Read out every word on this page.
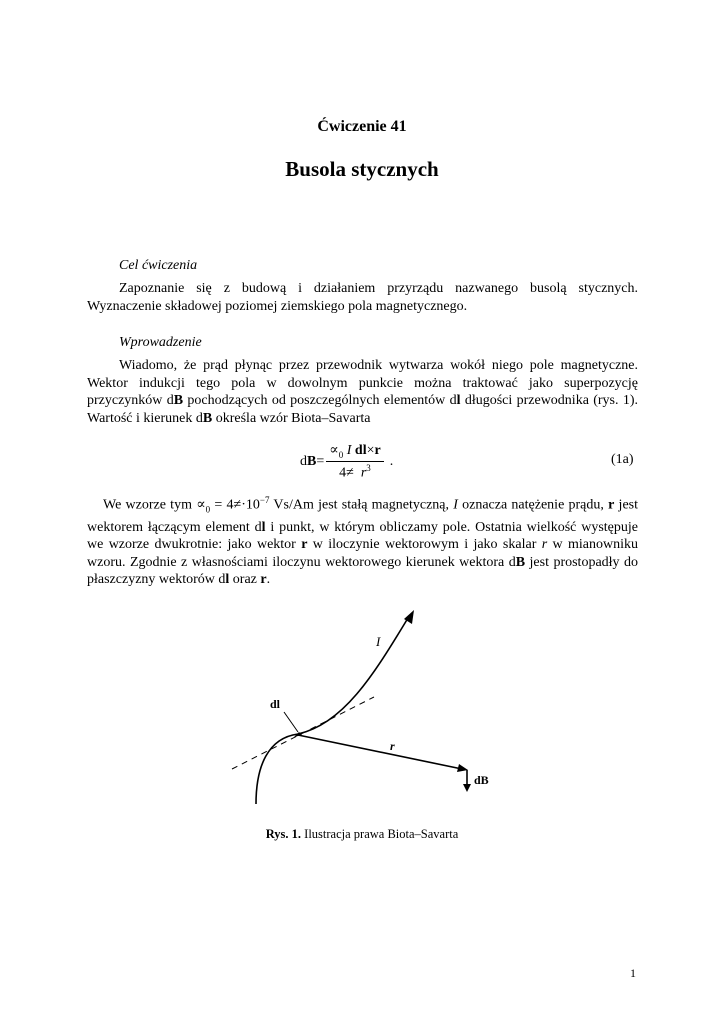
Ćwiczenie 41
Busola stycznych
Cel ćwiczenia
Zapoznanie się z budową i działaniem przyrządu nazwanego busolą stycznych. Wyznaczenie składowej poziomej ziemskiego pola magnetycznego.
Wprowadzenie
Wiadomo, że prąd płynąc przez przewodnik wytwarza wokół niego pole magnetyczne. Wektor indukcji tego pola w dowolnym punkcie można traktować jako superpozycję przyczynków dB pochodzących od poszczególnych elementów dl długości przewodnika (rys. 1). Wartość i kierunek dB określa wzór Biota–Savarta
dB=	$\propto_0$ I dl×r	.
$4\ne r^3$
(1a)
We wzorze tym $\propto_0 = 4\ne\cdot 10^{-7}$ Vs/Am jest stałą magnetyczną, I oznacza natężenie prądu, r jest wektorem łączącym element dl i punkt, w którym obliczamy pole. Ostatnia wielkość występuje we wzorze dwukrotnie: jako wektor r w iloczynie wektorowym i jako skalar r w mianowniku wzoru. Zgodnie z własnościami iloczynu wektorowego kierunek wektora dB jest prostopadły do płaszczyzny wektorów dl oraz r.
I
dl
r
dB
Rys. 1. Ilustracja prawa Biota–Savarta
1
